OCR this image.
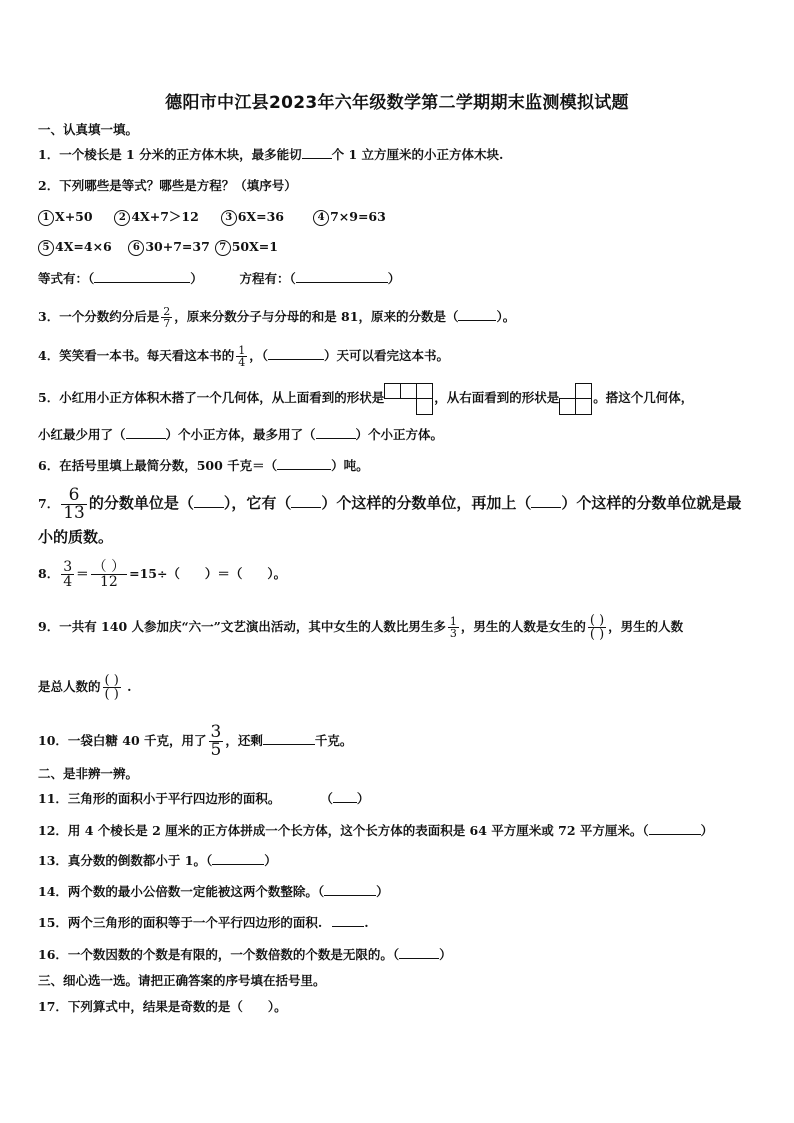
德阳市中江县2023年六年级数学第二学期期末监测模拟试题
一、认真填一填。
1．一个棱长是 1 分米的正方体木块，最多能切 个 1 立方厘米的小正方体木块.
2．下列哪些是等式？哪些是方程？（填序号）
1 X+50	2 4X+7＞12	3 6X=36	4 7×9=63
5 4X=4×6 6 30+7=37 7 50X=1
等式有：（	）	方程有：（	）
3．一个分数约分后是 $\frac{2}{7}$ ，原来分数分子与分母的和是 81，原来的分数是（	）。
4．笑笑看一本书。每天看这本书的 $\frac{1}{4}$ ，（	）天可以看完这本书。
5．小红用小正方体积木搭了一个几何体，从上面看到的形状是	，从右面看到的形状是	。搭这个几何体，
小红最少用了（	）个小正方体，最多用了（	）个小正方体。
6．在括号里填上最简分数，500 千克＝（	）吨。
7． $\frac{6}{13}$ 的分数单位是（ ），它有（ ）个这样的分数单位，再加上（ ）个这样的分数单位就是最
小的质数。
8． $\frac{3}{4} = \frac{( )}{12} =15\div$（　　）＝（　　）。
9．一共有 140 人参加庆“六一”文艺演出活动，其中女生的人数比男生多 $\frac{1}{3}$ ，男生的人数是女生的 $\frac{( )}{( )}$ ，男生的人数
是总人数的 $\frac{( )}{( )}$ .
10．一袋白糖 40 千克，用了 $\frac{3}{5}$ ，还剩	千克。
二、是非辨一辨。
11．三角形的面积小于平行四边形的面积。	（ ）
12．用 4 个棱长是 2 厘米的正方体拼成一个长方体，这个长方体的表面积是 64 平方厘米或 72 平方厘米。（	）
13．真分数的倒数都小于 1。（	）
14．两个数的最小公倍数一定能被这两个数整除。（	）
15．两个三角形的面积等于一个平行四边形的面积.	.
16．一个数因数的个数是有限的，一个数倍数的个数是无限的。（	）
三、细心选一选。请把正确答案的序号填在括号里。
17．下列算式中，结果是奇数的是（　　）。
